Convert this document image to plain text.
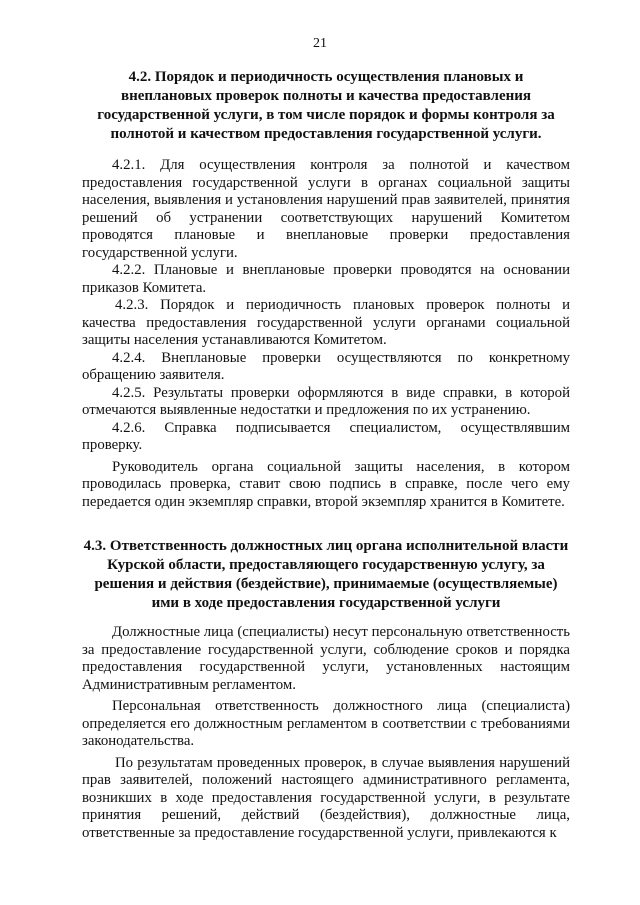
21
4.2. Порядок и периодичность осуществления плановых и внеплановых проверок полноты и качества предоставления государственной услуги, в том числе порядок и формы контроля за полнотой и качеством предоставления государственной услуги.

4.2.1. Для осуществления контроля за полнотой и качеством предоставления государственной услуги в органах социальной защиты населения, выявления и установления нарушений прав заявителей, принятия решений об устранении соответствующих нарушений Комитетом проводятся плановые и внеплановые проверки предоставления государственной услуги.

4.2.2. Плановые и внеплановые проверки проводятся на основании приказов Комитета.

4.2.3. Порядок и периодичность плановых проверок полноты и качества предоставления государственной услуги органами социальной защиты населения устанавливаются Комитетом.

4.2.4. Внеплановые проверки осуществляются по конкретному обращению заявителя.

4.2.5. Результаты проверки оформляются в виде справки, в которой отмечаются выявленные недостатки и предложения по их устранению.

4.2.6. Справка подписывается специалистом, осуществлявшим проверку.

Руководитель органа социальной защиты населения, в котором проводилась проверка, ставит свою подпись в справке, после чего ему передается один экземпляр справки, второй экземпляр хранится в Комитете.

4.3. Ответственность должностных лиц органа исполнительной власти Курской области, предоставляющего государственную услугу, за решения и действия (бездействие), принимаемые (осуществляемые) ими в ходе предоставления государственной услуги

Должностные лица (специалисты) несут персональную ответственность за предоставление государственной услуги, соблюдение сроков и порядка предоставления государственной услуги, установленных настоящим Административным регламентом.

Персональная ответственность должностного лица (специалиста) определяется его должностным регламентом в соответствии с требованиями законодательства.

По результатам проведенных проверок, в случае выявления нарушений прав заявителей, положений настоящего административного регламента, возникших в ходе предоставления государственной услуги, в результате принятия решений, действий (бездействия), должностные лица, ответственные за предоставление государственной услуги, привлекаются к
